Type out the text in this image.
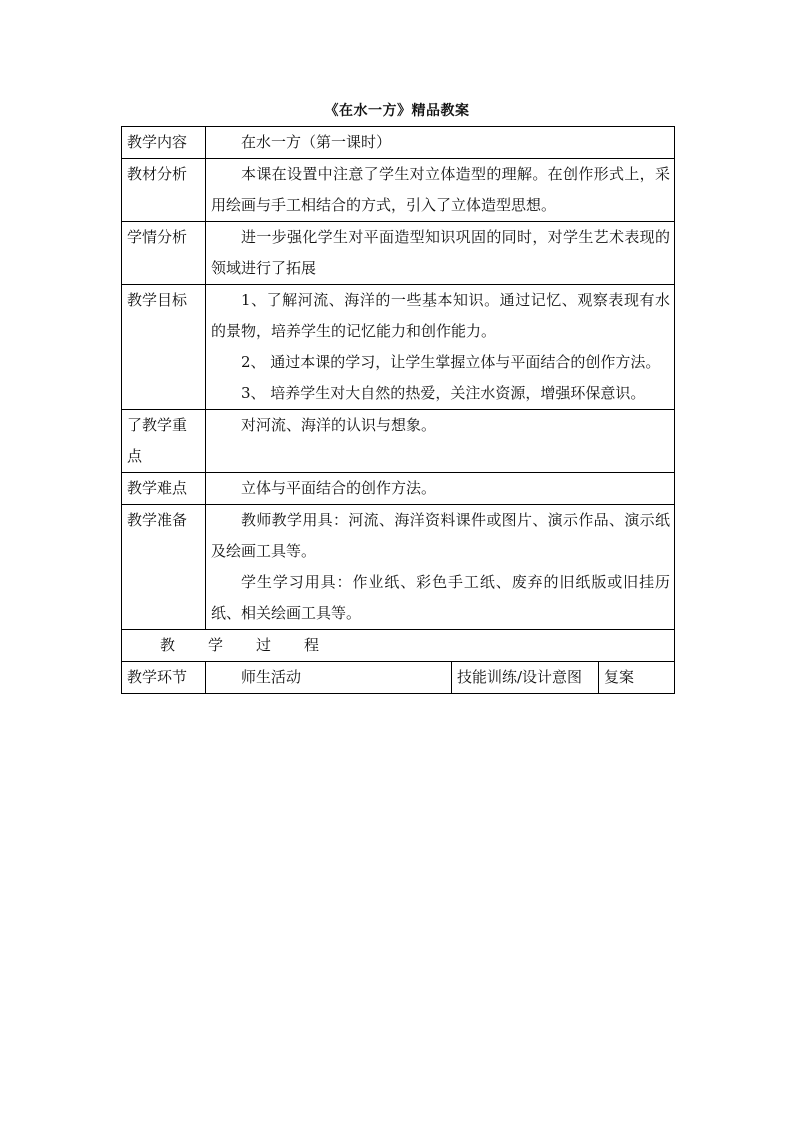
《在水一方》精品教案
教学内容	在水一方（第一课时）		

教材分析	本课在设置中注意了学生对立体造型的理解。在创作形式上，采用绘画与手工相结合的方式，引入了立体造型思想。		

学情分析	进一步强化学生对平面造型知识巩固的同时，对学生艺术表现的领域进行了拓展		

教学目标	1、了解河流、海洋的一些基本知识。通过记忆、观察表现有水的景物，培养学生的记忆能力和创作能力。

2、 通过本课的学习，让学生掌握立体与平面结合的创作方法。

3、 培养学生对大自然的热爱，关注水资源，增强环保意识。		

了教学重点	对河流、海洋的认识与想象。		

教学难点	立体与平面结合的创作方法。		

教学准备	教师教学用具：河流、海洋资料课件或图片、演示作品、演示纸及绘画工具等。

学生学习用具：作业纸、彩色手工纸、废弃的旧纸版或旧挂历纸、相关绘画工具等。		

教 学 过 程			
教学环节	师生活动	技能训练/设计意图	复案
